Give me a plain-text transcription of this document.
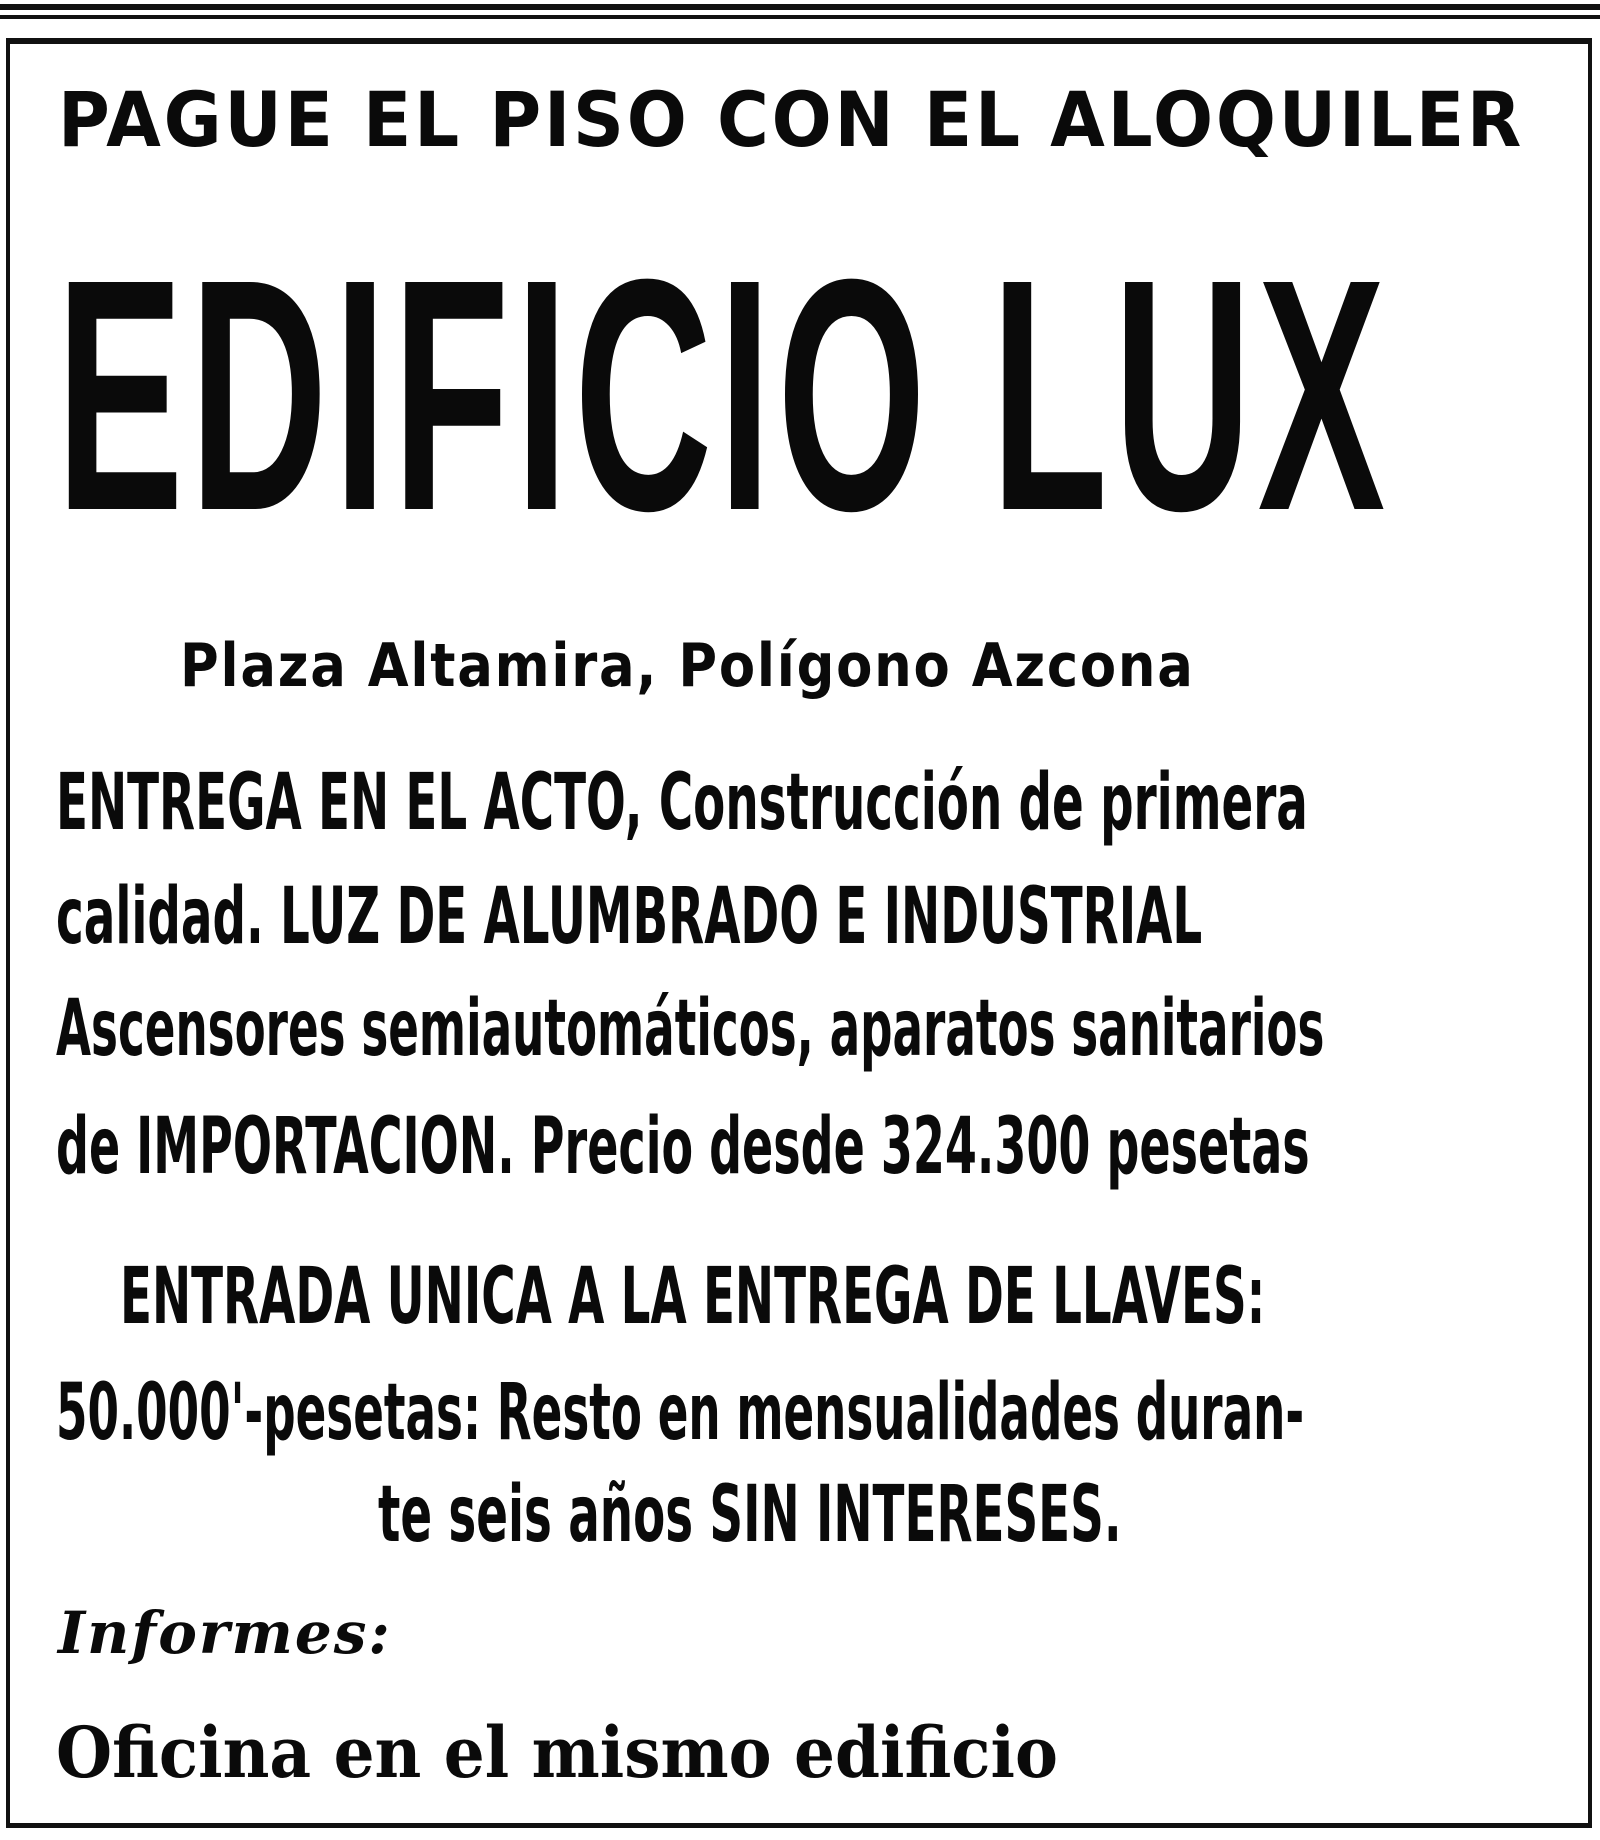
PAGUE EL PISO CON EL ALOQUILER
EDIFICIO LUX
Plaza Altamira, Polígono Azcona
ENTREGA EN EL ACTO, Construcción de primera
calidad. LUZ DE ALUMBRADO E INDUSTRIAL
Ascensores semiautomáticos, aparatos sanitarios
de IMPORTACION. Precio desde 324.300 pesetas
ENTRADA UNICA A LA ENTREGA DE LLAVES:
50.000'-pesetas: Resto en mensualidades duran-
te seis años SIN INTERESES.
Informes:
Oficina en el mismo edificio
